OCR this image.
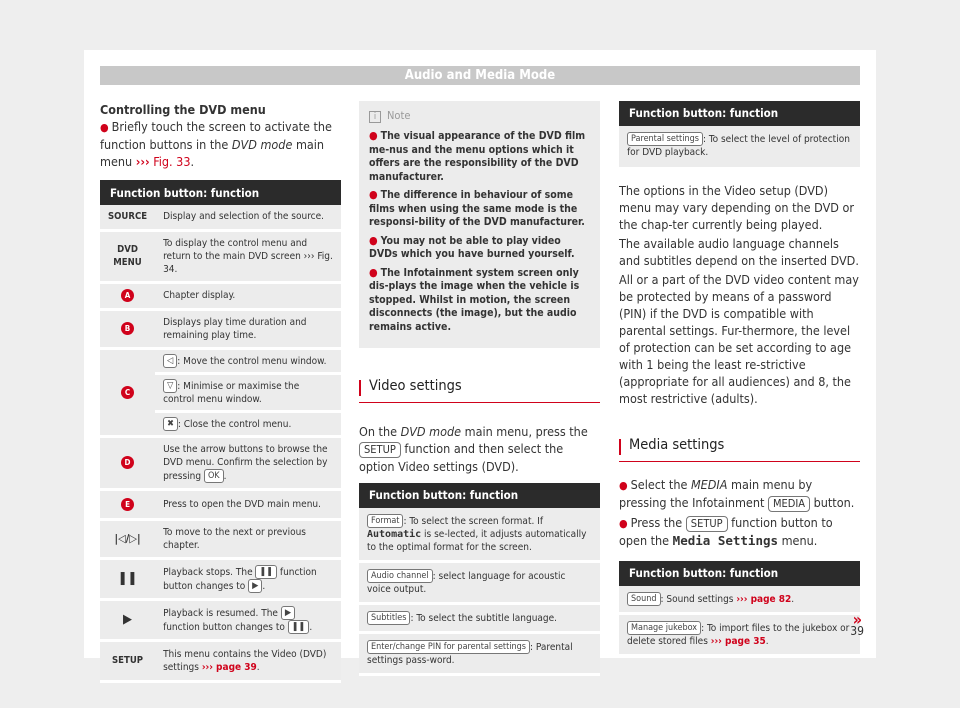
Audio and Media Mode

Controlling the DVD menu

● Briefly touch the screen to activate the function buttons in the DVD mode main menu ››› Fig. 33.

Function button: function	
SOURCE	Display and selection of the source.
DVD MENU	To display the control menu and return to the main DVD screen ››› Fig. 34.
A	Chapter display.
B	Displays play time duration and remaining play time.
C	◁ : Move the control menu window.
▽ : Minimise or maximise the control menu window.
✖ : Close the control menu.

D	Use the arrow buttons to browse the DVD menu. Confirm the selection by pressing OK .
E	Press to open the DVD main menu.
|◁/▷|	To move to the next or previous chapter.
❚❚	Playback stops. The ❚❚ function button changes to ▶ .
▶	Playback is resumed. The ▶ function button changes to ❚❚ .
SETUP	This menu contains the Video (DVD) settings ››› page 39.
i Note
● The visual appearance of the DVD film me-nus and the menu options which it offers are the responsibility of the DVD manufacturer.
● The difference in behaviour of some films when using the same mode is the responsi-bility of the DVD manufacturer.
● You may not be able to play video DVDs which you have burned yourself.
● The Infotainment system screen only dis-plays the image when the vehicle is stopped. Whilst in motion, the screen disconnects (the image), but the audio remains active.
Video settings

On the DVD mode main menu, press the SETUP function and then select the option Video settings (DVD).

Function button: function
Format : To select the screen format. If Automatic is se-lected, it adjusts automatically to the optimal format for the screen.
Audio channel : select language for acoustic voice output.
Subtitles : To select the subtitle language.
Enter/change PIN for parental settings : Parental settings pass-word.
Function button: function
Parental settings : To select the level of protection for DVD playback.

The options in the Video setup (DVD) menu may vary depending on the DVD or the chap-ter currently being played.

The available audio language channels and subtitles depend on the inserted DVD.

All or a part of the DVD video content may be protected by means of a password (PIN) if the DVD is compatible with parental settings. Fur-thermore, the level of protection can be set according to age with 1 being the least re-strictive (appropriate for all audiences) and 8, the most restrictive (adults).

Media settings

● Select the MEDIA main menu by pressing the Infotainment MEDIA button.

● Press the SETUP function button to open the Media Settings menu.

Function button: function
Sound : Sound settings ››› page 82.
Manage jukebox : To import files to the jukebox or delete stored files ››› page 35.
»
39
